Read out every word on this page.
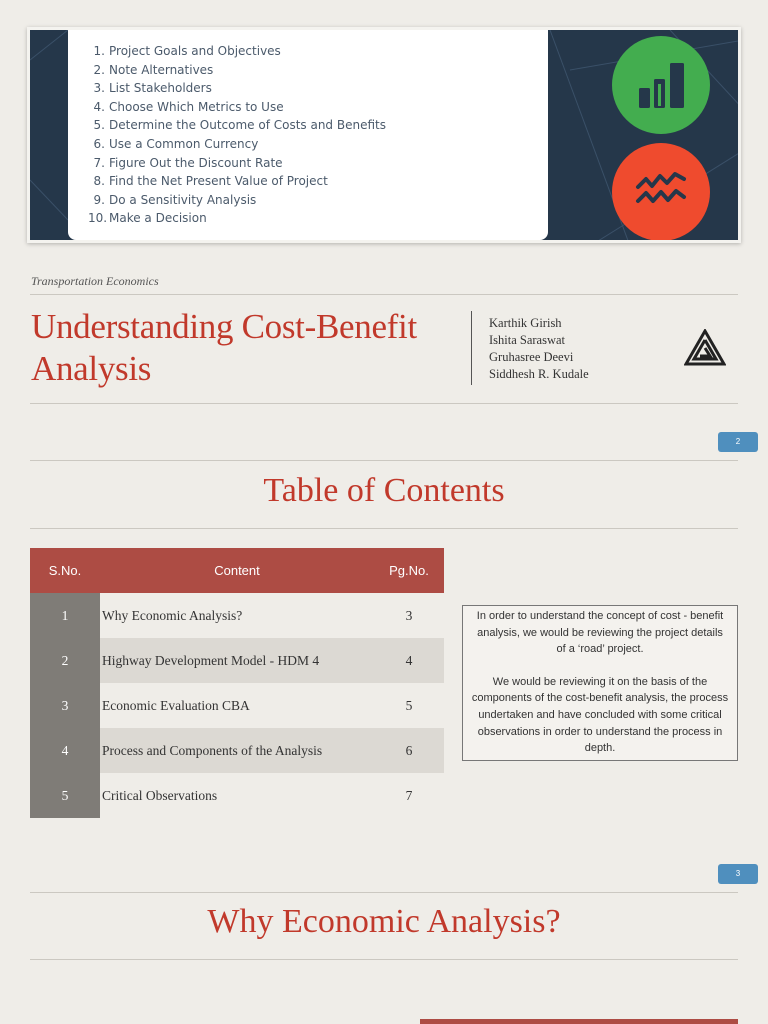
1. Project Goals and Objectives
2. Note Alternatives
3. List Stakeholders
4. Choose Which Metrics to Use
5. Determine the Outcome of Costs and Benefits
6. Use a Common Currency
7. Figure Out the Discount Rate
8. Find the Net Present Value of Project
9. Do a Sensitivity Analysis
10. Make a Decision
Transportation Economics
Understanding Cost-Benefit Analysis
Karthik Girish
Ishita Saraswat
Gruhasree Deevi
Siddhesh R. Kudale
2
Table of Contents
S.No.	Content	Pg.No.
1	Why Economic Analysis?	3
2	Highway Development Model - HDM 4	4
3	Economic Evaluation CBA	5
4	Process and Components of the Analysis	6
5	Critical Observations	7

In order to understand the concept of cost - benefit analysis, we would be reviewing the project details of a ‘road’ project.

We would be reviewing it on the basis of the components of the cost-benefit analysis, the process undertaken and have concluded with some critical observations in order to understand the process in depth.

3
Why Economic Analysis?
